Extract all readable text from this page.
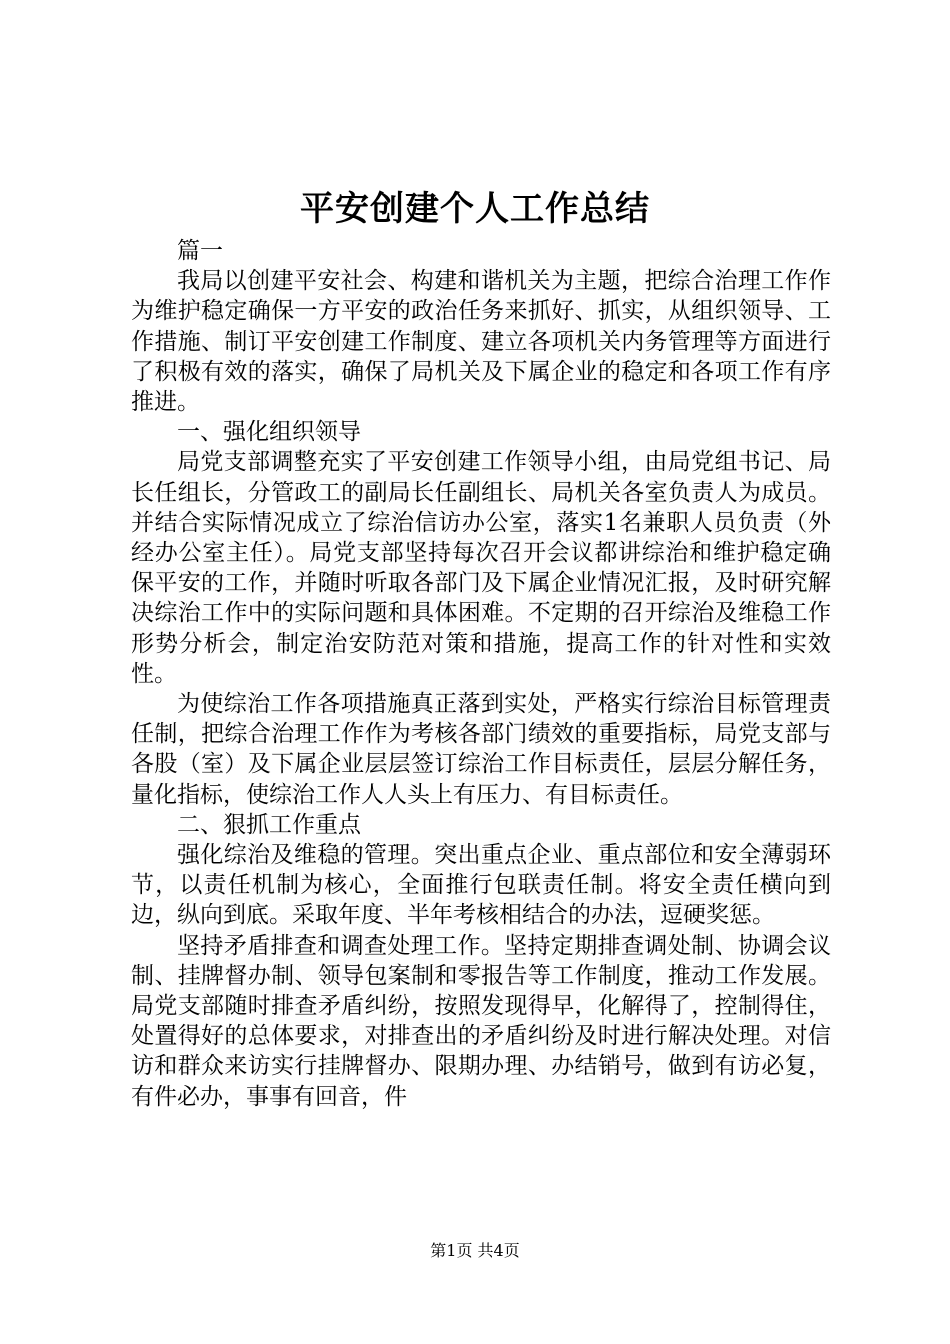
平安创建个人工作总结

篇一

我局以创建平安社会、构建和谐机关为主题，把综合治理工作作为维护稳定确保一方平安的政治任务来抓好、抓实，从组织领导、工作措施、制订平安创建工作制度、建立各项机关内务管理等方面进行了积极有效的落实，确保了局机关及下属企业的稳定和各项工作有序推进。

一、强化组织领导

局党支部调整充实了平安创建工作领导小组，由局党组书记、局长任组长，分管政工的副局长任副组长、局机关各室负责人为成员。并结合实际情况成立了综治信访办公室，落实1名兼职人员负责（外经办公室主任）。局党支部坚持每次召开会议都讲综治和维护稳定确保平安的工作，并随时听取各部门及下属企业情况汇报，及时研究解决综治工作中的实际问题和具体困难。不定期的召开综治及维稳工作形势分析会，制定治安防范对策和措施，提高工作的针对性和实效性。

为使综治工作各项措施真正落到实处，严格实行综治目标管理责任制，把综合治理工作作为考核各部门绩效的重要指标，局党支部与各股（室）及下属企业层层签订综治工作目标责任，层层分解任务，量化指标，使综治工作人人头上有压力、有目标责任。

二、狠抓工作重点

强化综治及维稳的管理。突出重点企业、重点部位和安全薄弱环节，以责任机制为核心，全面推行包联责任制。将安全责任横向到边，纵向到底。采取年度、半年考核相结合的办法，逗硬奖惩。

坚持矛盾排查和调查处理工作。坚持定期排查调处制、协调会议制、挂牌督办制、领导包案制和零报告等工作制度，推动工作发展。局党支部随时排查矛盾纠纷，按照发现得早，化解得了，控制得住，处置得好的总体要求，对排查出的矛盾纠纷及时进行解决处理。对信访和群众来访实行挂牌督办、限期办理、办结销号，做到有访必复，有件必办，事事有回音，件

第1页 共4页
